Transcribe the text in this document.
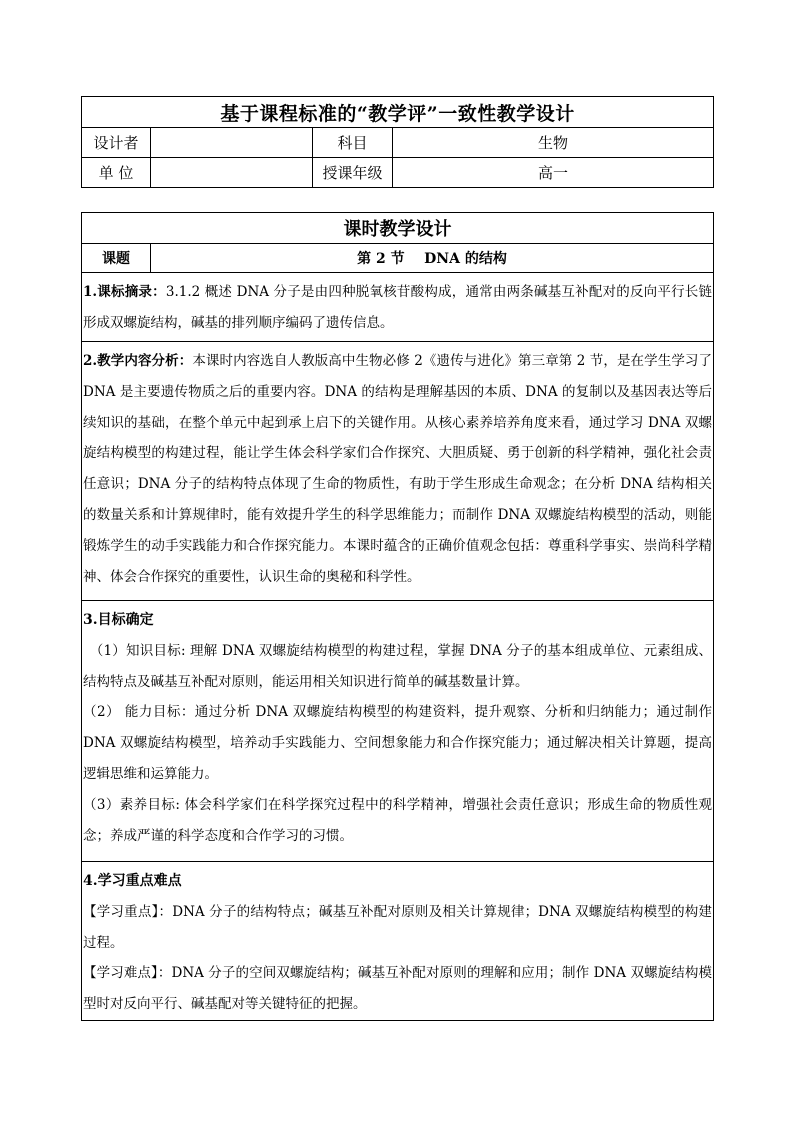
基于课程标准的“教学评”一致性教学设计			
设计者		科目	生物
单 位		授课年级	高一
课时教学设计
课题	第 2 节    DNA 的结构
1.课标摘录：3.1.2 概述 DNA 分子是由四种脱氧核苷酸构成，通常由两条碱基互补配对的反向平行长链形成双螺旋结构，碱基的排列顺序编码了遗传信息。
2.教学内容分析：本课时内容选自人教版高中生物必修 2《遗传与进化》第三章第 2 节，是在学生学习了 DNA 是主要遗传物质之后的重要内容。DNA 的结构是理解基因的本质、DNA 的复制以及基因表达等后续知识的基础，在整个单元中起到承上启下的关键作用。从核心素养培养角度来看，通过学习 DNA 双螺旋结构模型的构建过程，能让学生体会科学家们合作探究、大胆质疑、勇于创新的科学精神，强化社会责任意识；DNA 分子的结构特点体现了生命的物质性，有助于学生形成生命观念；在分析 DNA 结构相关的数量关系和计算规律时，能有效提升学生的科学思维能力；而制作 DNA 双螺旋结构模型的活动，则能锻炼学生的动手实践能力和合作探究能力。本课时蕴含的正确价值观念包括：尊重科学事实、崇尚科学精神、体会合作探究的重要性，认识生命的奥秘和科学性。

3.目标确定

（1）知识目标: 理解 DNA 双螺旋结构模型的构建过程，掌握 DNA 分子的基本组成单位、元素组成、结构特点及碱基互补配对原则，能运用相关知识进行简单的碱基数量计算。

（2） 能力目标：通过分析 DNA 双螺旋结构模型的构建资料，提升观察、分析和归纳能力；通过制作 DNA 双螺旋结构模型，培养动手实践能力、空间想象能力和合作探究能力；通过解决相关计算题，提高逻辑思维和运算能力。

（3）素养目标: 体会科学家们在科学探究过程中的科学精神，增强社会责任意识；形成生命的物质性观念；养成严谨的科学态度和合作学习的习惯。

4.学习重点难点

【学习重点】：DNA 分子的结构特点；碱基互补配对原则及相关计算规律；DNA 双螺旋结构模型的构建过程。

【学习难点】：DNA 分子的空间双螺旋结构；碱基互补配对原则的理解和应用；制作 DNA 双螺旋结构模型时对反向平行、碱基配对等关键特征的把握。
